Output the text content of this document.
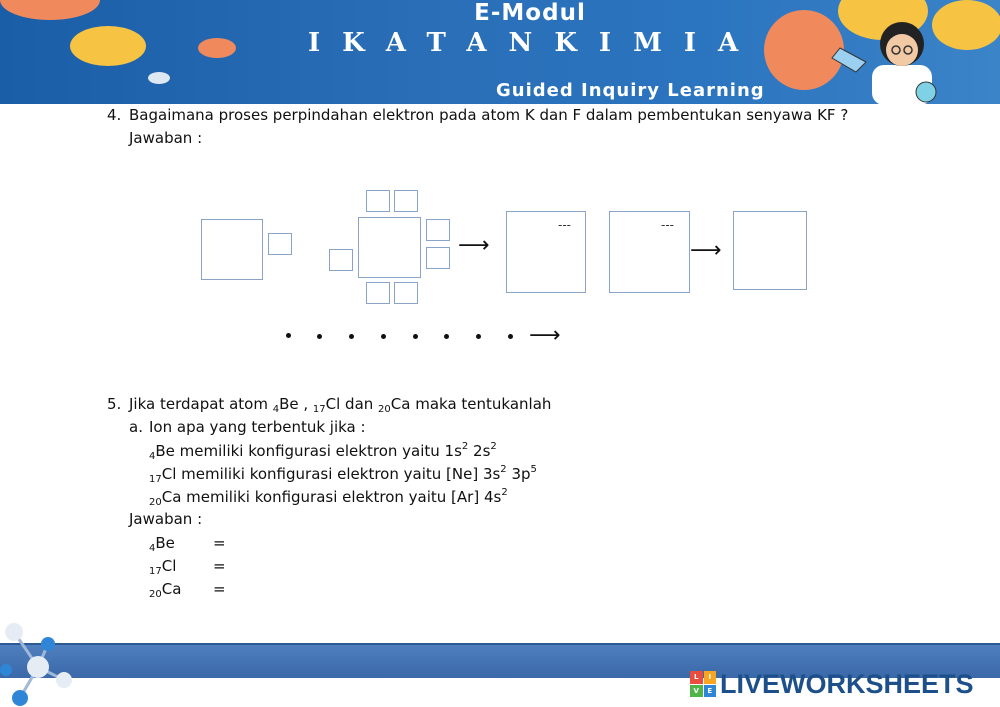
E-Modul
IKATANKIMIA
Guided Inquiry Learning
4. Bagaimana proses perpindahan elektron pada atom K dan F dalam pembentukan senyawa KF ?
Jawaban :
⟶
---	---
⟶
⟶
5. Jika terdapat atom $_4$Be , $_{17}$Cl dan $_{20}$Ca maka tentukanlah
a. Ion apa yang terbentuk jika :
$_4$Be memiliki konfigurasi elektron yaitu $1s^2$ $2s^2$
$_{17}$Cl memiliki konfigurasi elektron yaitu [Ne] $3s^2$ $3p^5$
$_{20}$Ca memiliki konfigurasi elektron yaitu [Ar] $4s^2$
Jawaban :
$_4$Be	=
$_{17}$Cl =
$_{20}$Ca =
L	I
V	E LIVEWORKSHEETS
